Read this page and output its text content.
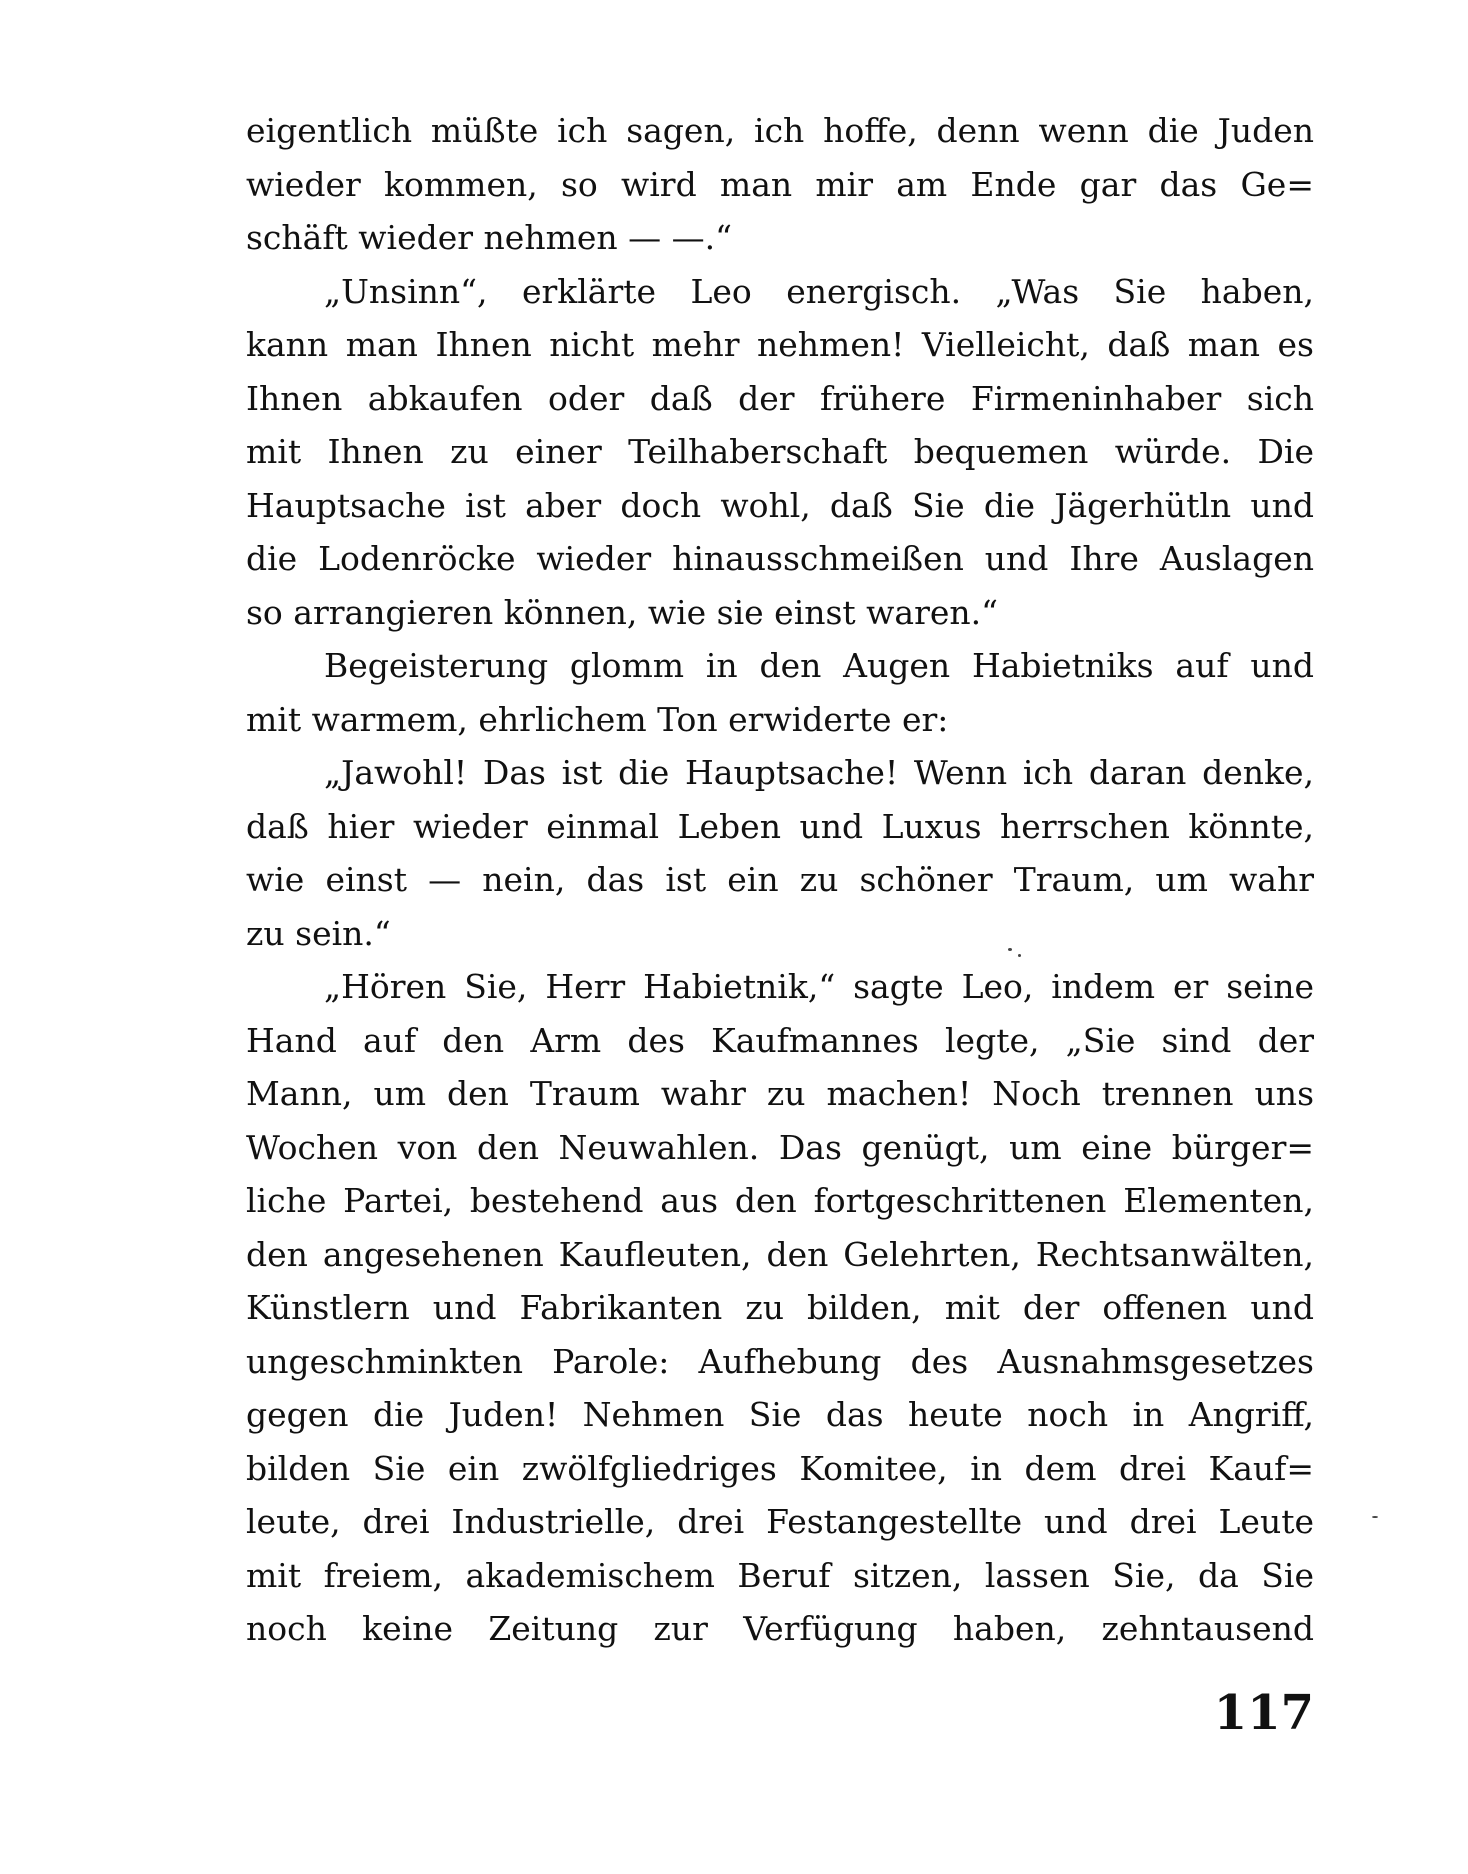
eigentlich müßte ich sagen, ich hoffe, denn wenn die Juden
wieder kommen, so wird man mir am Ende gar das Ge=
schäft wieder nehmen — —.“
„Unsinn“, erklärte Leo energisch. „Was Sie haben,
kann man Ihnen nicht mehr nehmen! Vielleicht, daß man es
Ihnen abkaufen oder daß der frühere Firmeninhaber sich
mit Ihnen zu einer Teilhaberschaft bequemen würde. Die
Hauptsache ist aber doch wohl, daß Sie die Jägerhütln und
die Lodenröcke wieder hinausschmeißen und Ihre Auslagen
so arrangieren können, wie sie einst waren.“
Begeisterung glomm in den Augen Habietniks auf und
mit warmem, ehrlichem Ton erwiderte er:
„Jawohl! Das ist die Hauptsache! Wenn ich daran denke,
daß hier wieder einmal Leben und Luxus herrschen könnte,
wie einst — nein, das ist ein zu schöner Traum, um wahr
zu sein.“
„Hören Sie, Herr Habietnik,“ sagte Leo, indem er seine
Hand auf den Arm des Kaufmannes legte, „Sie sind der
Mann, um den Traum wahr zu machen! Noch trennen uns
Wochen von den Neuwahlen. Das genügt, um eine bürger=
liche Partei, bestehend aus den fortgeschrittenen Elementen,
den angesehenen Kaufleuten, den Gelehrten, Rechtsanwälten,
Künstlern und Fabrikanten zu bilden, mit der offenen und
ungeschminkten Parole: Aufhebung des Ausnahmsgesetzes
gegen die Juden! Nehmen Sie das heute noch in Angriff,
bilden Sie ein zwölfgliedriges Komitee, in dem drei Kauf=
leute, drei Industrielle, drei Festangestellte und drei Leute
mit freiem, akademischem Beruf sitzen, lassen Sie, da Sie
noch keine Zeitung zur Verfügung haben, zehntausend
117
